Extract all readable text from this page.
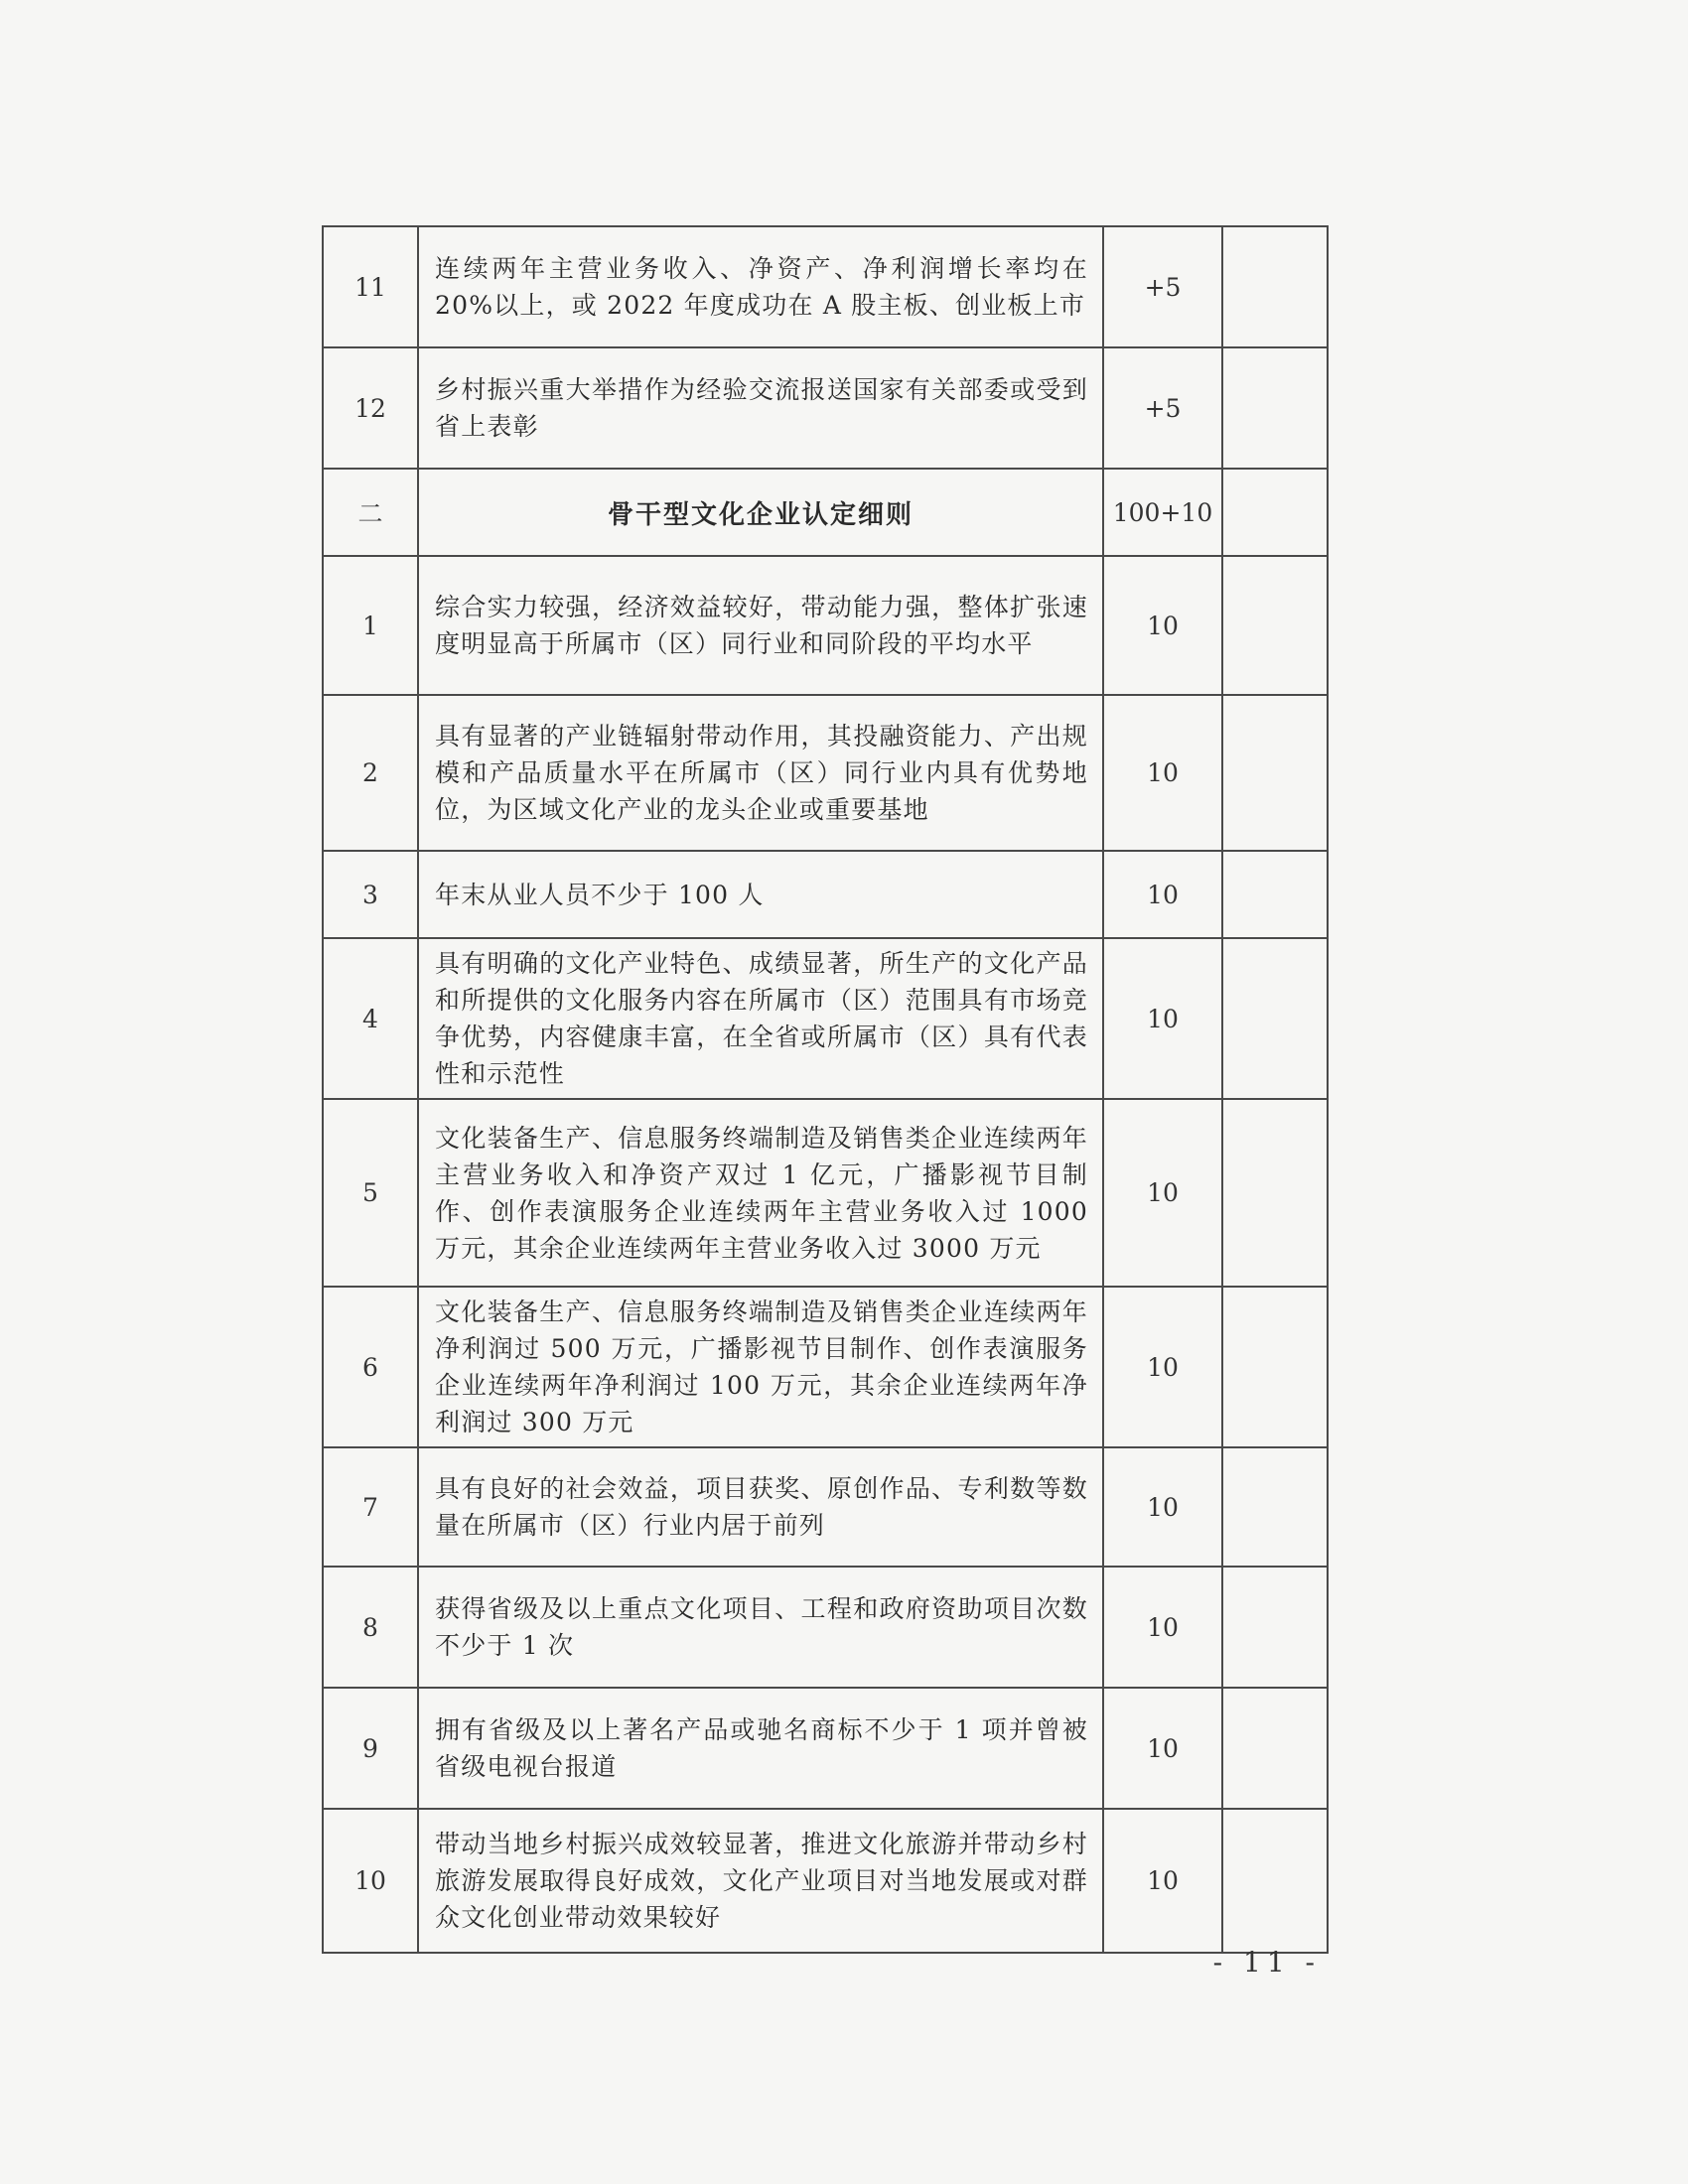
11	连续两年主营业务收入、净资产、净利润增长率均在20%以上，或 2022 年度成功在 A 股主板、创业板上市	+5	
12	乡村振兴重大举措作为经验交流报送国家有关部委或受到省上表彰	+5	
二	骨干型文化企业认定细则	100+10	
1	综合实力较强，经济效益较好，带动能力强，整体扩张速度明显高于所属市（区）同行业和同阶段的平均水平	10	
2	具有显著的产业链辐射带动作用，其投融资能力、产出规模和产品质量水平在所属市（区）同行业内具有优势地位，为区域文化产业的龙头企业或重要基地	10	
3	年末从业人员不少于 100 人	10	
4	具有明确的文化产业特色、成绩显著，所生产的文化产品和所提供的文化服务内容在所属市（区）范围具有市场竞争优势，内容健康丰富，在全省或所属市（区）具有代表性和示范性	10	
5	文化装备生产、信息服务终端制造及销售类企业连续两年主营业务收入和净资产双过 1 亿元，广播影视节目制作、创作表演服务企业连续两年主营业务收入过 1000 万元，其余企业连续两年主营业务收入过 3000 万元	10	
6	文化装备生产、信息服务终端制造及销售类企业连续两年净利润过 500 万元，广播影视节目制作、创作表演服务企业连续两年净利润过 100 万元，其余企业连续两年净利润过 300 万元	10	
7	具有良好的社会效益，项目获奖、原创作品、专利数等数量在所属市（区）行业内居于前列	10	
8	获得省级及以上重点文化项目、工程和政府资助项目次数不少于 1 次	10	
9	拥有省级及以上著名产品或驰名商标不少于 1 项并曾被省级电视台报道	10	
10	带动当地乡村振兴成效较显著，推进文化旅游并带动乡村旅游发展取得良好成效，文化产业项目对当地发展或对群众文化创业带动效果较好	10	
- 11 -
